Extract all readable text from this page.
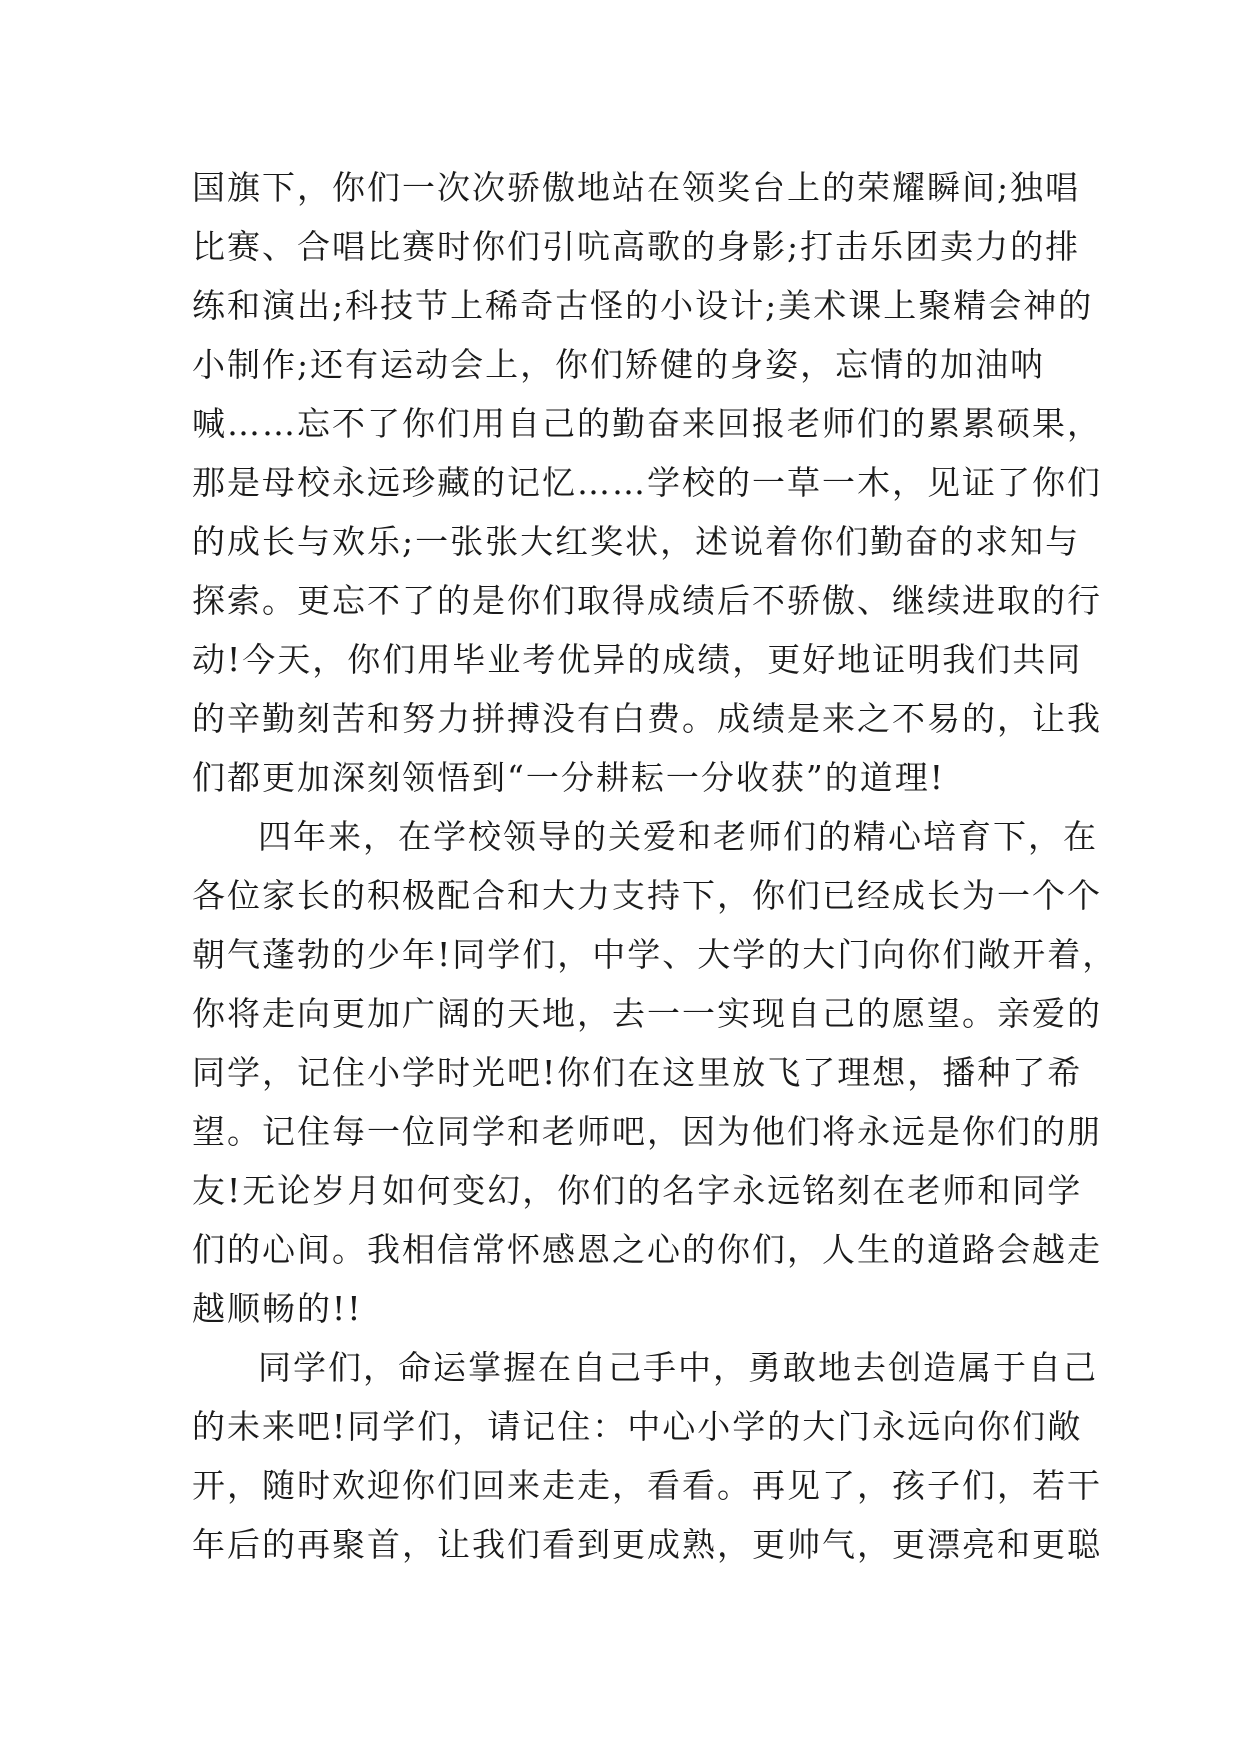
国旗下，你们一次次骄傲地站在领奖台上的荣耀瞬间;独唱
比赛、合唱比赛时你们引吭高歌的身影;打击乐团卖力的排
练和演出;科技节上稀奇古怪的小设计;美术课上聚精会神的
小制作;还有运动会上，你们矫健的身姿，忘情的加油呐
喊……忘不了你们用自己的勤奋来回报老师们的累累硕果，
那是母校永远珍藏的记忆……学校的一草一木，见证了你们
的成长与欢乐;一张张大红奖状，述说着你们勤奋的求知与
探索。更忘不了的是你们取得成绩后不骄傲、继续进取的行
动!今天，你们用毕业考优异的成绩，更好地证明我们共同
的辛勤刻苦和努力拼搏没有白费。成绩是来之不易的，让我
们都更加深刻领悟到“一分耕耘一分收获”的道理!
四年来，在学校领导的关爱和老师们的精心培育下，在
各位家长的积极配合和大力支持下，你们已经成长为一个个
朝气蓬勃的少年!同学们，中学、大学的大门向你们敞开着，
你将走向更加广阔的天地，去一一实现自己的愿望。亲爱的
同学，记住小学时光吧!你们在这里放飞了理想，播种了希
望。记住每一位同学和老师吧，因为他们将永远是你们的朋
友!无论岁月如何变幻，你们的名字永远铭刻在老师和同学
们的心间。我相信常怀感恩之心的你们，人生的道路会越走
越顺畅的!!
同学们，命运掌握在自己手中，勇敢地去创造属于自己
的未来吧!同学们，请记住：中心小学的大门永远向你们敞
开，随时欢迎你们回来走走，看看。再见了，孩子们，若干
年后的再聚首，让我们看到更成熟，更帅气，更漂亮和更聪
